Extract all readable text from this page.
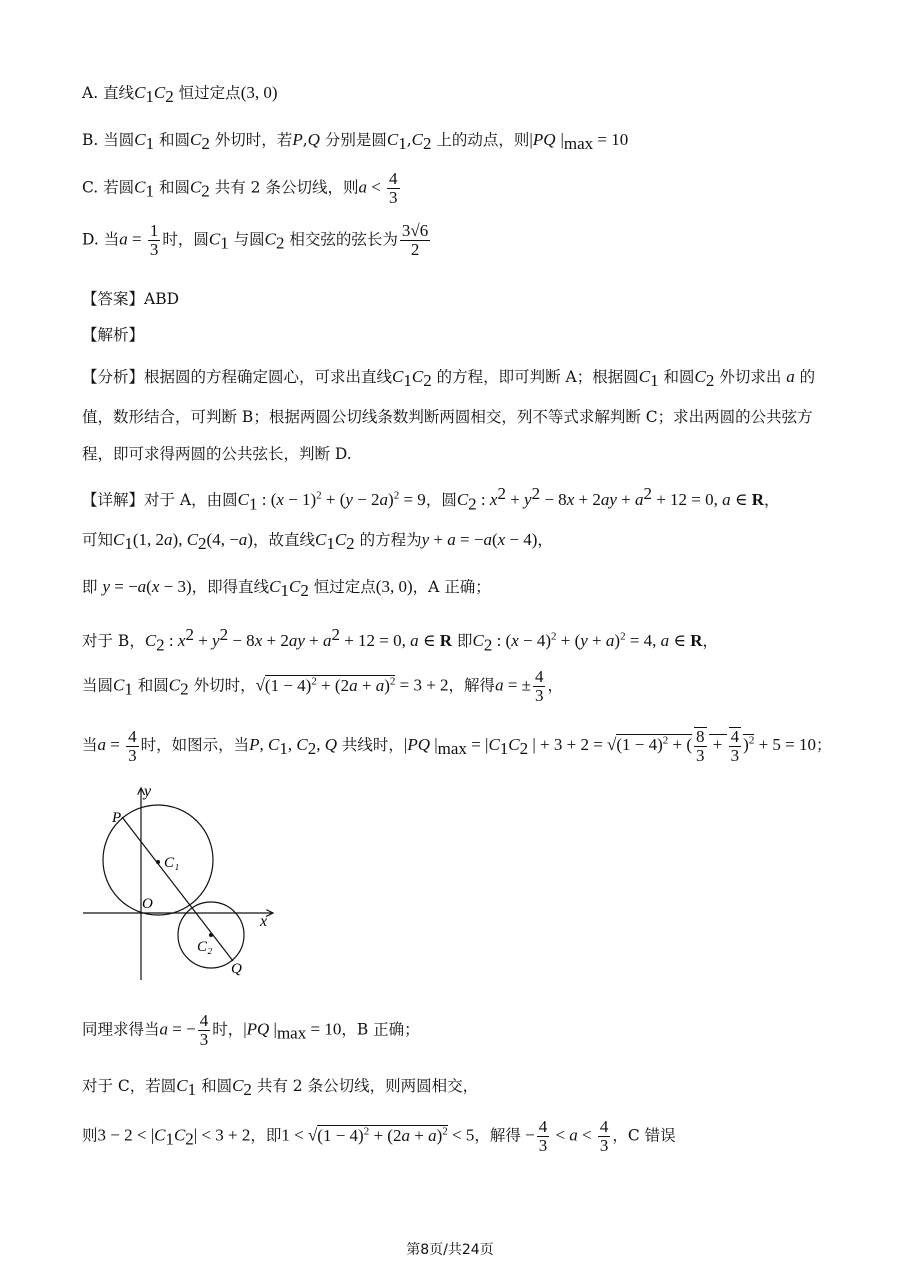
A. 直线$C_1C_2$ 恒过定点(3, 0)
B. 当圆$C_1$ 和圆$C_2$ 外切时，若P,Q 分别是圆$C_1,C_2$ 上的动点，则|PQ $|_{max} = 10$
C. 若圆$C_1$ 和圆$C_2$ 共有 2 条公切线，则$a < \frac{4}{3}$
D. 当$a = \frac{1}{3}$ 时，圆$C_1$ 与圆$C_2$ 相交弦的弦长为 $\frac{3√6}{2}$
【答案】ABD
【解析】
【分析】根据圆的方程确定圆心，可求出直线$C_1C_2$ 的方程，即可判断 A；根据圆$C_1$ 和圆$C_2$ 外切求出 a 的
值，数形结合，可判断 B；根据两圆公切线条数判断两圆相交，列不等式求解判断 C；求出两圆的公共弦方
程，即可求得两圆的公共弦长，判断 D.
【详解】对于 A，由圆$C_1$ : $(x - 1)^2 + (y - 2a)^2 = 9$，圆$C_2$ : $x^2 + y^2 - 8x + 2ay + a^2 + 12 = 0$, a ∈ R，
可知$C_1(1$, 2a), $C_2(4$, −a)，故直线$C_1C_2$ 的方程为y + a = −a(x − 4)，
即 y = −a(x − 3)，即得直线$C_1C_2$ 恒过定点(3, 0)，A 正确；
对于 B，$C_2$ : $x^2 + y^2 - 8x + 2ay + a^2 + 12 = 0$, a ∈ R 即$C_2$ : $(x - 4)^2 + (y + a)^2 = 4$, a ∈ R，
当圆$C_1$ 和圆$C_2$ 外切时，$√(1 - 4)^2 + (2a + a)^2 = 3 + 2$，解得a = ± $\frac{4}{3}$ ，
当$a = \frac{4}{3}$ 时，如图示，当P, $C_1$, $C_2$, Q 共线时，|PQ $|_{max} = |C_1C_2$ | + $3 + 2 = √(1 - 4)^2$ + ( $\frac{8}{3} + \frac{4}{3} )^2 + 5 = 10$；
y
x
O
P
Q
C₁
C₂
同理求得当a = − $\frac{4}{3}$ 时，|PQ $|_{max} = 10$，B 正确；
对于 C，若圆$C_1$ 和圆$C_2$ 共有 2 条公切线，则两圆相交，
则$3 - 2 < |C_1C_2| < 3 + 2$，即$1 < √(1 - 4)^2 + (2a + a)^2 < 5$，解得 − $\frac{4}{3} < a < \frac{4}{3}$ ，C 错误
第8页/共24页
